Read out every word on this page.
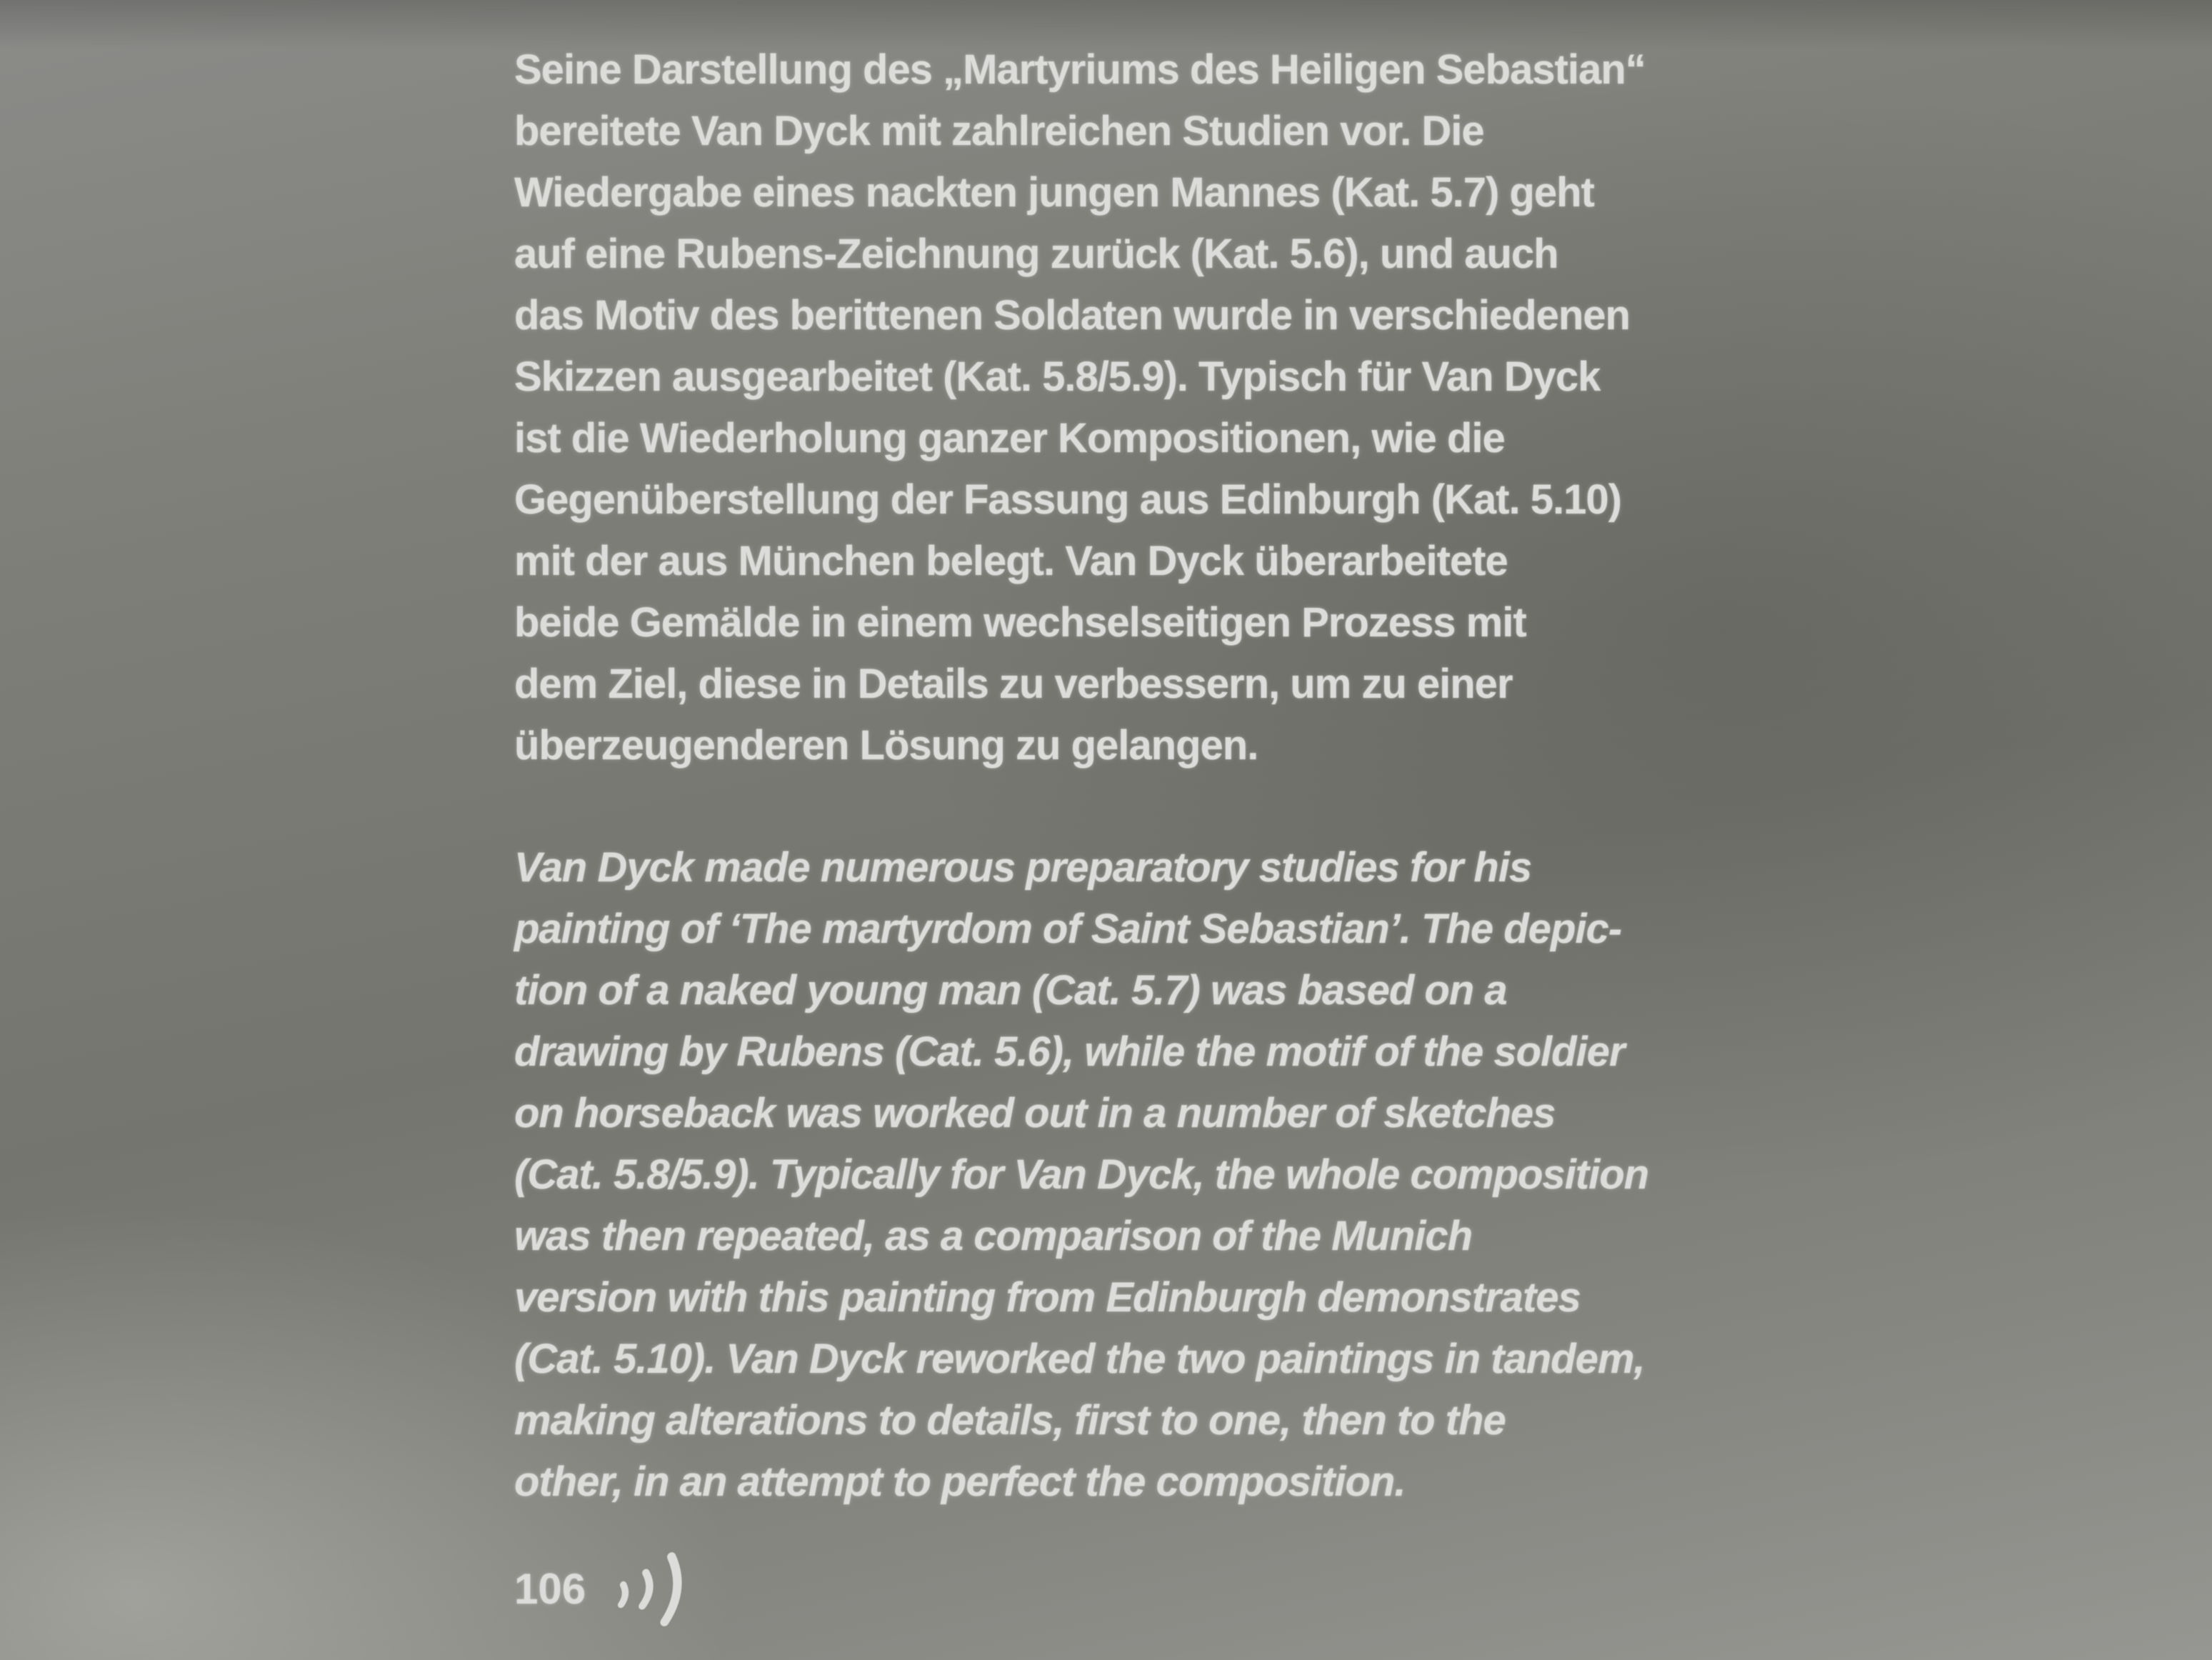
Seine Darstellung des „Martyriums des Heiligen Sebastian“
bereitete Van Dyck mit zahlreichen Studien vor. Die
Wiedergabe eines nackten jungen Mannes (Kat. 5.7) geht
auf eine Rubens-Zeichnung zurück (Kat. 5.6), und auch
das Motiv des berittenen Soldaten wurde in verschiedenen
Skizzen ausgearbeitet (Kat. 5.8/5.9). Typisch für Van Dyck
ist die Wiederholung ganzer Kompositionen, wie die
Gegenüberstellung der Fassung aus Edinburgh (Kat. 5.10)
mit der aus München belegt. Van Dyck überarbeitete
beide Gemälde in einem wechselseitigen Prozess mit
dem Ziel, diese in Details zu verbessern, um zu einer
überzeugenderen Lösung zu gelangen.
Van Dyck made numerous preparatory studies for his
painting of ‘The martyrdom of Saint Sebastian’. The depic-
tion of a naked young man (Cat. 5.7) was based on a
drawing by Rubens (Cat. 5.6), while the motif of the soldier
on horseback was worked out in a number of sketches
(Cat. 5.8/5.9). Typically for Van Dyck, the whole composition
was then repeated, as a comparison of the Munich
version with this painting from Edinburgh demonstrates
(Cat. 5.10). Van Dyck reworked the two paintings in tandem,
making alterations to details, first to one, then to the
other, in an attempt to perfect the composition.
106
